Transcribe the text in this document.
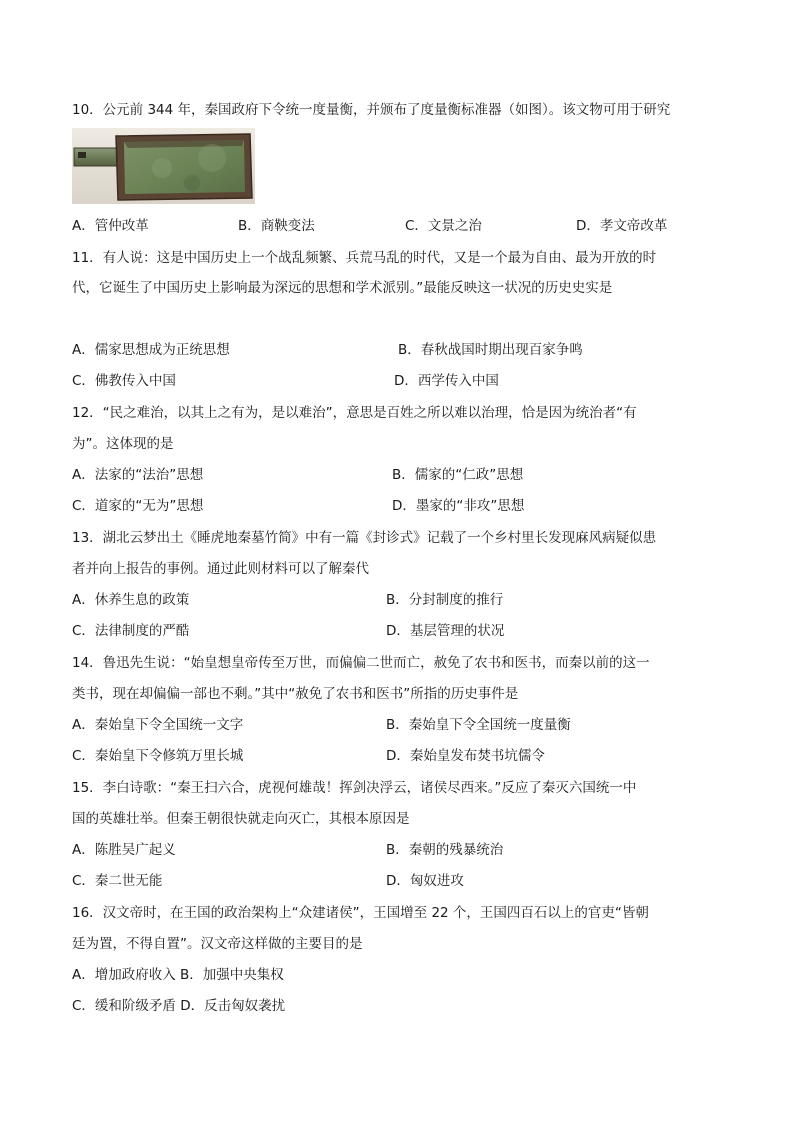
10．公元前 344 年，秦国政府下令统一度量衡，并颁布了度量衡标准器（如图）。该文物可用于研究
A．管仲改革	B．商鞅变法	C．文景之治	D．孝文帝改革
11．有人说：这是中国历史上一个战乱频繁、兵荒马乱的时代，又是一个最为自由、最为开放的时
代，它诞生了中国历史上影响最为深远的思想和学术派别。”最能反映这一状况的历史史实是
A．儒家思想成为正统思想	B．春秋战国时期出现百家争鸣
C．佛教传入中国	D．西学传入中国
12．“民之难治，以其上之有为，是以难治”，意思是百姓之所以难以治理，恰是因为统治者“有
为”。这体现的是
A．法家的“法治”思想	B．儒家的“仁政”思想
C．道家的“无为”思想	D．墨家的“非攻”思想
13．湖北云梦出土《睡虎地秦墓竹简》中有一篇《封诊式》记载了一个乡村里长发现麻风病疑似患
者并向上报告的事例。通过此则材料可以了解秦代
A．休养生息的政策	B．分封制度的推行
C．法律制度的严酷	D．基层管理的状况
14．鲁迅先生说：“始皇想皇帝传至万世，而偏偏二世而亡，赦免了农书和医书，而秦以前的这一
类书，现在却偏偏一部也不剩。”其中“赦免了农书和医书”所指的历史事件是
A．秦始皇下令全国统一文字	B．秦始皇下令全国统一度量衡
C．秦始皇下令修筑万里长城	D．秦始皇发布焚书坑儒令
15．李白诗歌：“秦王扫六合，虎视何雄哉！挥剑决浮云，诸侯尽西来。”反应了秦灭六国统一中
国的英雄壮举。但秦王朝很快就走向灭亡，其根本原因是
A．陈胜吴广起义	B．秦朝的残暴统治
C．秦二世无能	D．匈奴进攻
16．汉文帝时，在王国的政治架构上“众建诸侯”，王国增至 22 个，王国四百石以上的官吏“皆朝
廷为置，不得自置”。汉文帝这样做的主要目的是
A．增加政府收入 B．加强中央集权
C．缓和阶级矛盾 D．反击匈奴袭扰
